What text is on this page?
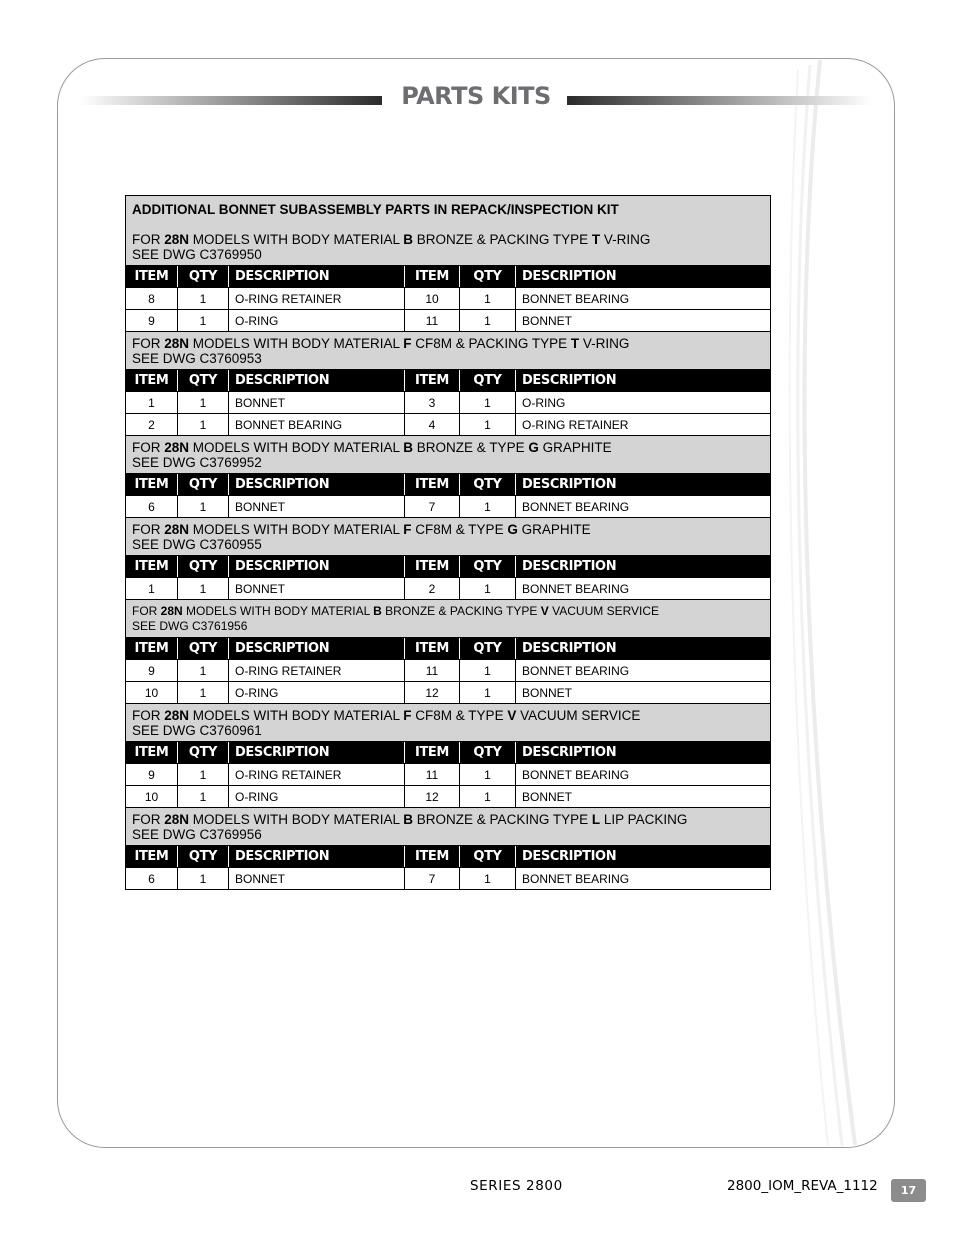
PARTS KITS
ADDITIONAL BONNET SUBASSEMBLY PARTS IN REPACK/INSPECTION KIT
FOR 28N MODELS WITH BODY MATERIAL B BRONZE & PACKING TYPE T V-RING
SEE DWG C3769950					

ITEM	QTY	DESCRIPTION	ITEM	QTY	DESCRIPTION
8	1	O-RING RETAINER	10	1	BONNET BEARING
9	1	O-RING	11	1	BONNET

FOR 28N MODELS WITH BODY MATERIAL F CF8M & PACKING TYPE T V-RING
SEE DWG C3760953					

ITEM	QTY	DESCRIPTION	ITEM	QTY	DESCRIPTION
1	1	BONNET	3	1	O-RING
2	1	BONNET BEARING	4	1	O-RING RETAINER

FOR 28N MODELS WITH BODY MATERIAL B BRONZE & TYPE G GRAPHITE
SEE DWG C3769952					

ITEM	QTY	DESCRIPTION	ITEM	QTY	DESCRIPTION
6	1	BONNET	7	1	BONNET BEARING

FOR 28N MODELS WITH BODY MATERIAL F CF8M & TYPE G GRAPHITE
SEE DWG C3760955					

ITEM	QTY	DESCRIPTION	ITEM	QTY	DESCRIPTION
1	1	BONNET	2	1	BONNET BEARING

FOR 28N MODELS WITH BODY MATERIAL B BRONZE & PACKING TYPE V VACUUM SERVICE
SEE DWG C3761956					

ITEM	QTY	DESCRIPTION	ITEM	QTY	DESCRIPTION
9	1	O-RING RETAINER	11	1	BONNET BEARING
10	1	O-RING	12	1	BONNET

FOR 28N MODELS WITH BODY MATERIAL F CF8M & TYPE V VACUUM SERVICE
SEE DWG C3760961					

ITEM	QTY	DESCRIPTION	ITEM	QTY	DESCRIPTION
9	1	O-RING RETAINER	11	1	BONNET BEARING
10	1	O-RING	12	1	BONNET

FOR 28N MODELS WITH BODY MATERIAL B BRONZE & PACKING TYPE L LIP PACKING
SEE DWG C3769956					

ITEM	QTY	DESCRIPTION	ITEM	QTY	DESCRIPTION
6	1	BONNET	7	1	BONNET BEARING
SERIES 2800	2800_IOM_REVA_1112	17
